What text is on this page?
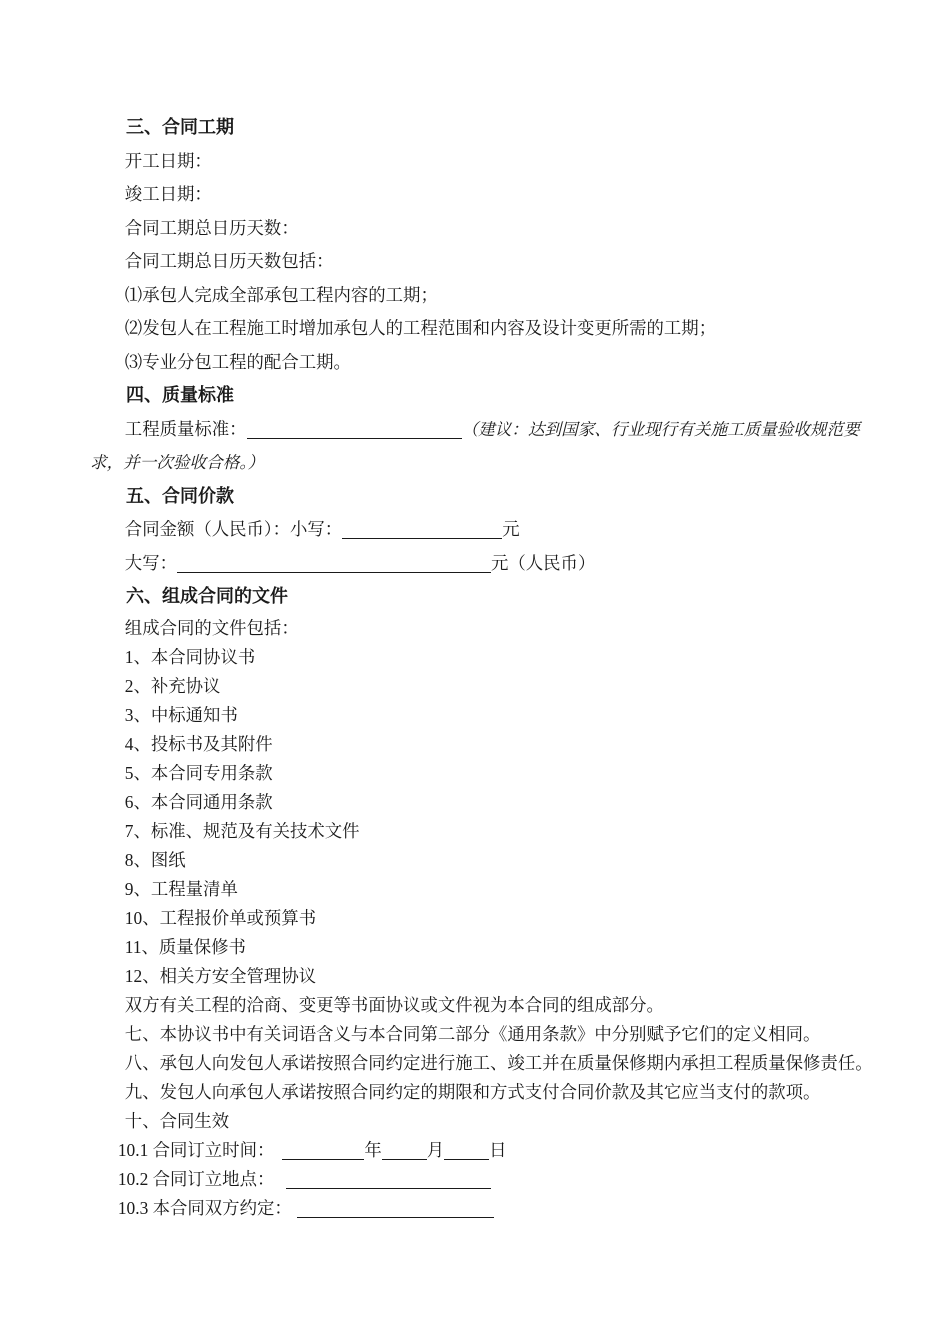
三、合同工期

开工日期：

竣工日期：

合同工期总日历天数：

合同工期总日历天数包括：

⑴承包人完成全部承包工程内容的工期；

⑵发包人在工程施工时增加承包人的工程范围和内容及设计变更所需的工期；

⑶专业分包工程的配合工期。

四、质量标准

工程质量标准：	（建议：达到国家、行业现行有关施工质量验收规范要求，并一次验收合格。）

五、合同价款

合同金额（人民币）：小写：	元

大写：	元（人民币）

六、组成合同的文件

组成合同的文件包括：

1、本合同协议书

2、补充协议

3、中标通知书

4、投标书及其附件

5、本合同专用条款

6、本合同通用条款

7、标准、规范及有关技术文件

8、图纸

9、工程量清单

10、工程报价单或预算书

11、质量保修书

12、相关方安全管理协议

双方有关工程的洽商、变更等书面协议或文件视为本合同的组成部分。

七、本协议书中有关词语含义与本合同第二部分《通用条款》中分别赋予它们的定义相同。

八、承包人向发包人承诺按照合同约定进行施工、竣工并在质量保修期内承担工程质量保修责任。

九、发包人向承包人承诺按照合同约定的期限和方式支付合同价款及其它应当支付的款项。

十、合同生效

10.1 合同订立时间：	年	月	日

10.2 合同订立地点：

10.3 本合同双方约定：
